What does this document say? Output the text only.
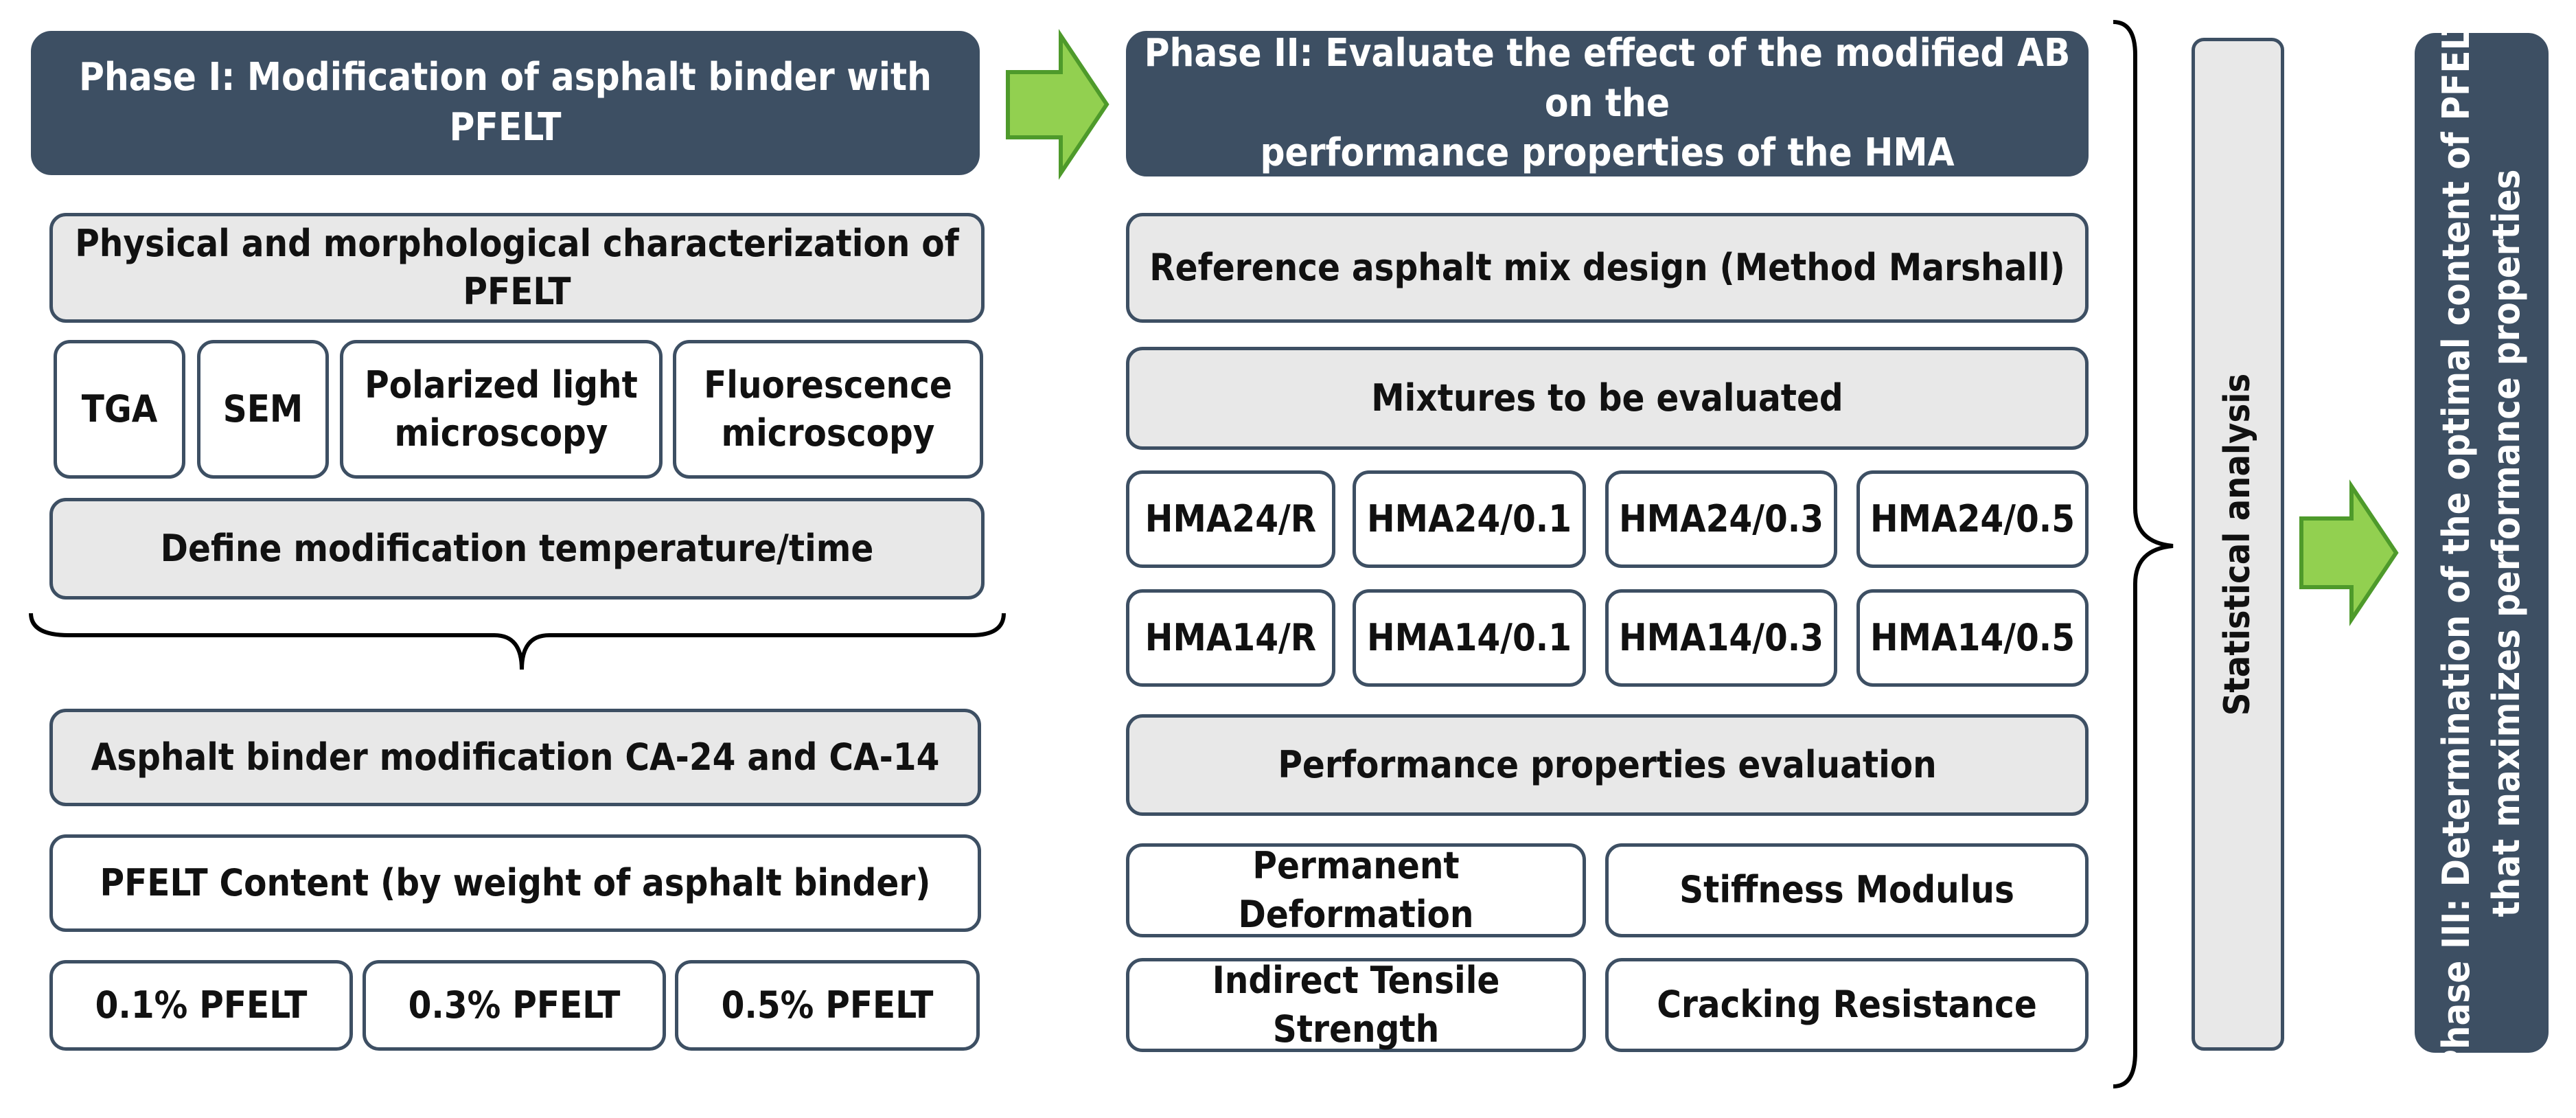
Phase I: Modification of asphalt binder with PFELT
Physical and morphological characterization of
PFELT
TGA SEM
Polarized light
microscopy
Fluorescence
microscopy
Define modification temperature/time
Asphalt binder modification CA-24 and CA-14
PFELT Content (by weight of asphalt binder)
0.1% PFELT	0.3% PFELT	0.5% PFELT
Phase II: Evaluate the effect of the modified AB on the
performance properties of the HMA
Reference asphalt mix design (Method Marshall)
Mixtures to be evaluated
HMA24/R HMA24/0.1 HMA24/0.3 HMA24/0.5
HMA14/R HMA14/0.1 HMA14/0.3 HMA14/0.5
Performance properties evaluation
Permanent Deformation
Stiffness Modulus
Indirect Tensile Strength
Cracking Resistance
Statistical analysis	Phase III: Determination of the optimal content of PFELT that maximizes performance properties
